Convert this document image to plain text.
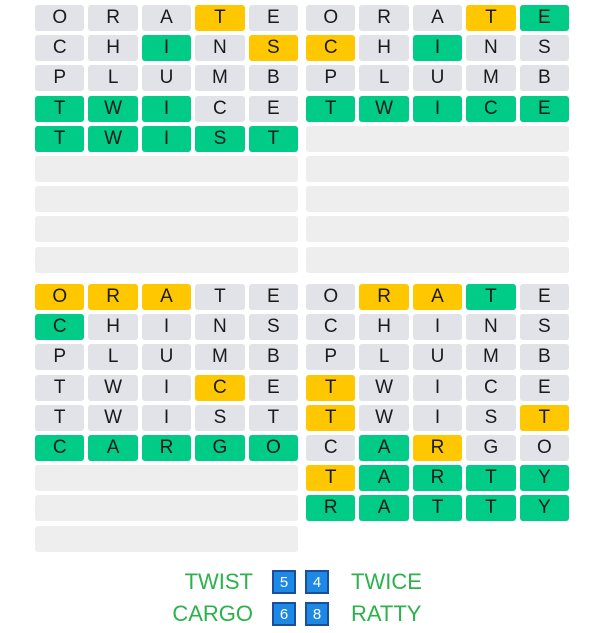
O	R	A	T	E
C	H	I	N	S
P	L	U	M	B
T	W	I	C	E
T	W	I	S	T
O	R	A	T	E
C	H	I	N	S
P	L	U	M	B
T	W	I	C	E
O	R	A	T	E
C	H	I	N	S
P	L	U	M	B
T	W	I	C	E
T	W	I	S	T
C	A	R	G	O
O	R	A	T	E
C	H	I	N	S
P	L	U	M	B
T	W	I	C	E
T	W	I	S	T
C	A	R	G	O
T	A	R	T	Y
R	A	T	T	Y
TWIST	5	4	TWICE
CARGO	6	8	RATTY
